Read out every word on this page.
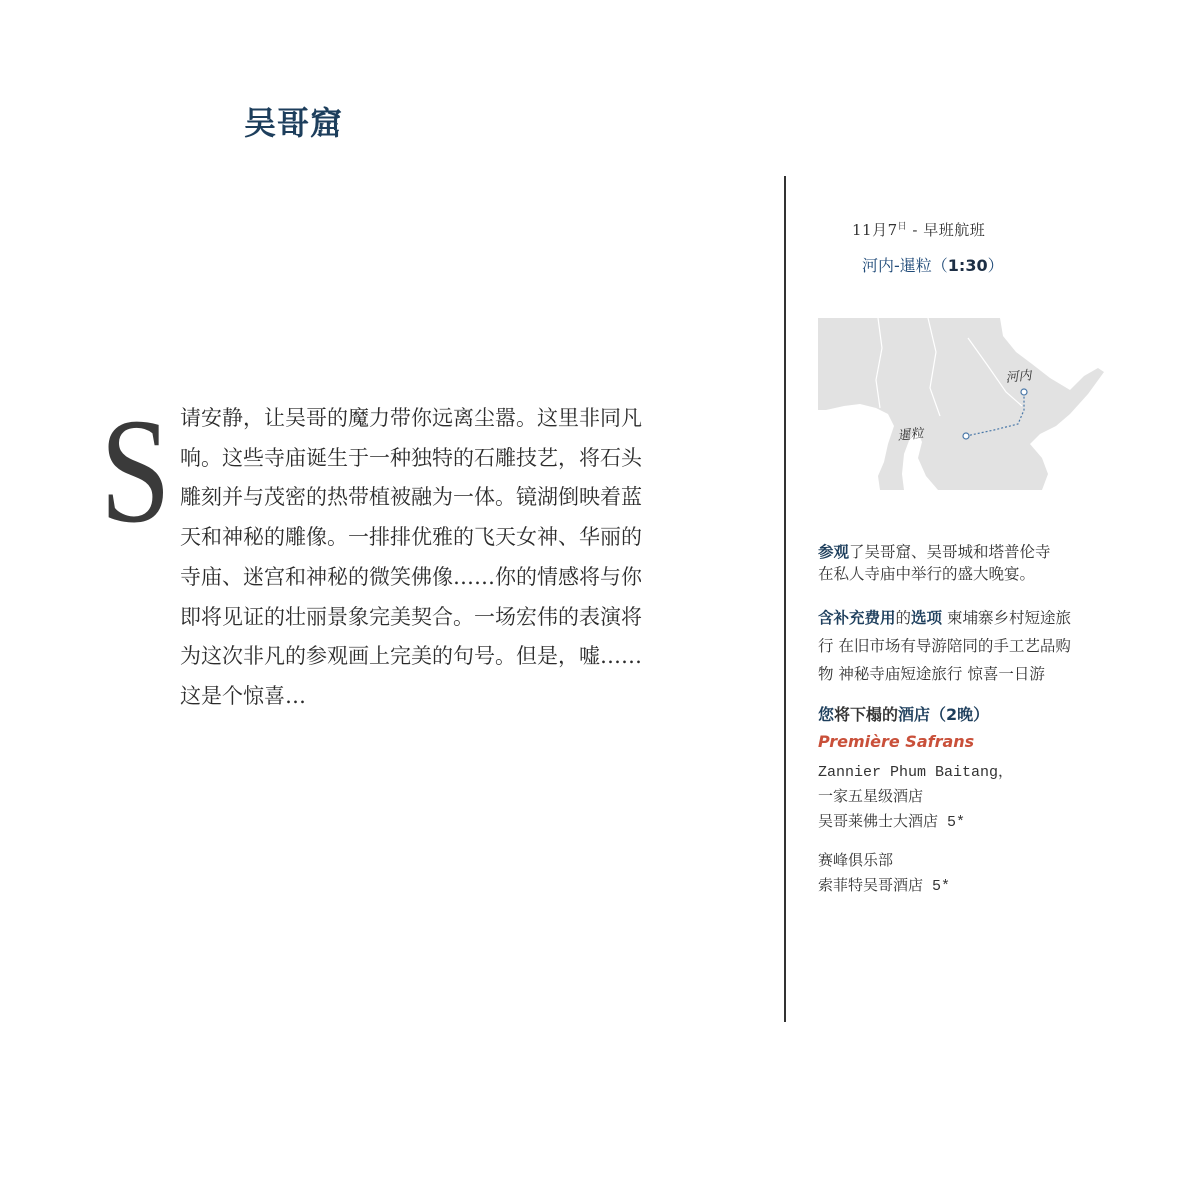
吴哥窟
S 请安静，让吴哥的魔力带你远离尘嚣。这里非同凡
响。这些寺庙诞生于一种独特的石雕技艺，将石头
雕刻并与茂密的热带植被融为一体。镜湖倒映着蓝
天和神秘的雕像。一排排优雅的飞天女神、华丽的
寺庙、迷宫和神秘的微笑佛像……你的情感将与你
即将见证的壮丽景象完美契合。一场宏伟的表演将
为这次非凡的参观画上完美的句号。但是，嘘……
这是个惊喜…

11月$7^日$ - 早班航班
河内-暹粒（1:30）
河内
暹粒
参观了吴哥窟、吴哥城和塔普伦寺
在私人寺庙中举行的盛大晚宴。
含补充费用的选项 柬埔寨乡村短途旅
行 在旧市场有导游陪同的手工艺品购
物 神秘寺庙短途旅行 惊喜一日游
您将下榻的酒店（2晚）
Première Safrans
Zannier Phum Baitang，
一家五星级酒店
吴哥莱佛士大酒店 5*
赛峰俱乐部
索菲特吴哥酒店 5*
